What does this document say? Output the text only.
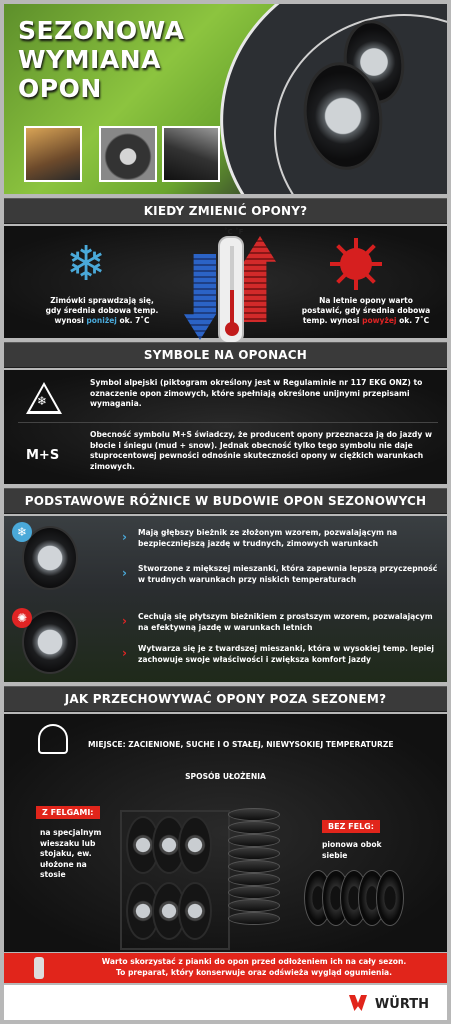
SEZONOWA
WYMIANA
OPON
KIEDY ZMIENIĆ OPONY?
❄
˚C ˚F
Zimówki sprawdzają się,
gdy średnia dobowa temp.
wynosi poniżej ok. 7˚C
Na letnie opony warto
postawić, gdy średnia dobowa
temp. wynosi powyżej ok. 7˚C
SYMBOLE NA OPONACH
❄
Symbol alpejski (piktogram określony jest w Regulaminie nr 117 EKG ONZ) to oznaczenie opon zimowych, które spełniają określone unijnymi przepisami wymagania.
M+S
Obecność symbolu M+S świadczy, że producent opony przeznacza ją do jazdy w błocie i śniegu (mud + snow). Jednak obecność tylko tego symbolu nie daje stuprocentowej pewności odnośnie skuteczności opony w ciężkich warunkach zimowych.
PODSTAWOWE RÓŻNICE W BUDOWIE OPON SEZONOWYCH
❄	› Mają głębszy bieżnik ze złożonym wzorem, pozwalającym na bezpieczniejszą jazdę w trudnych, zimowych warunkach
› Stworzone z miększej mieszanki, która zapewnia lepszą przyczepność w trudnych warunkach przy niskich temperaturach
✺	› Cechują się płytszym bieżnikiem z prostszym wzorem, pozwalającym na efektywną jazdę w warunkach letnich
› Wytwarza się je z twardszej mieszanki, która w wysokiej temp. lepiej zachowuje swoje właściwości i zwiększa komfort jazdy
JAK PRZECHOWYWAĆ OPONY POZA SEZONEM?
MIEJSCE: ZACIENIONE, SUCHE I O STAŁEJ, NIEWYSOKIEJ TEMPERATURZE
SPOSÓB UŁOŻENIA
Z FELGAMI:
na specjalnym wieszaku lub stojaku, ew. ułożone na stosie
BEZ FELG:
pionowa obok siebie
Warto skorzystać z pianki do opon przed odłożeniem ich na cały sezon.
To preparat, który konserwuje oraz odświeża wygląd ogumienia.
WÜRTH
